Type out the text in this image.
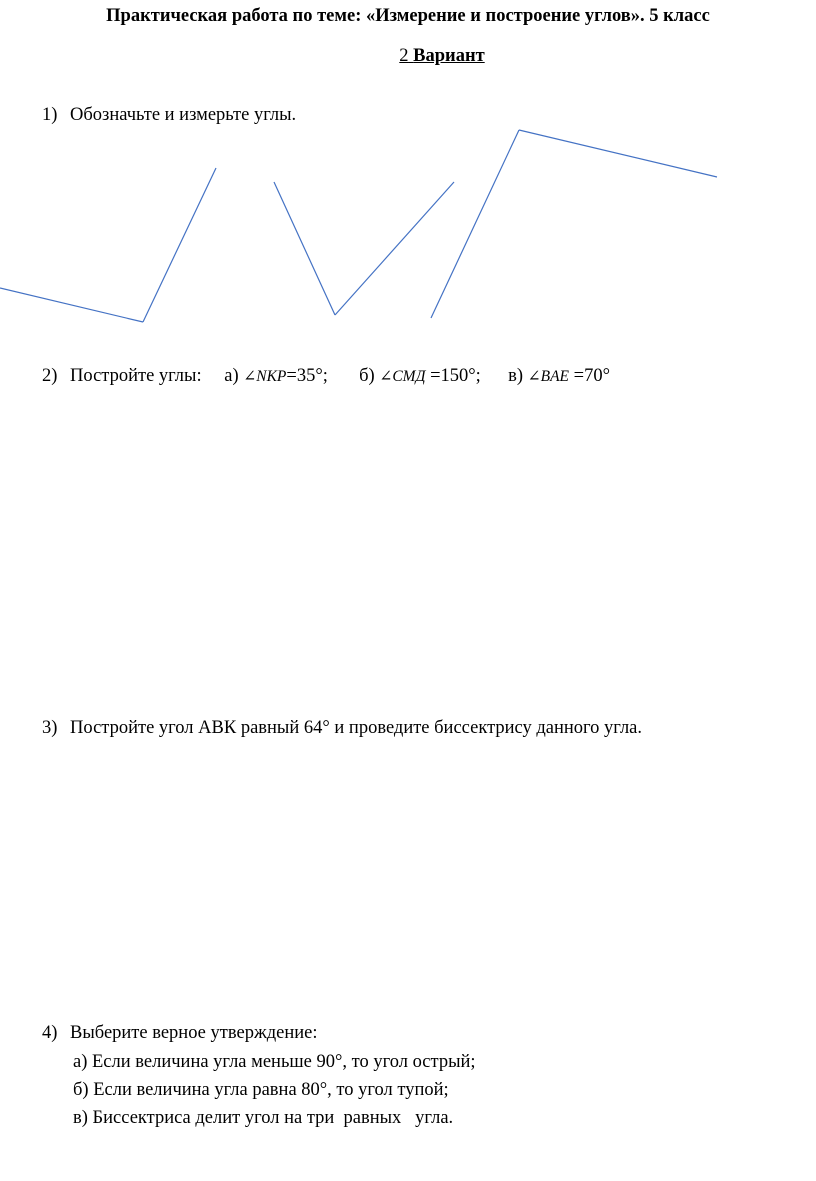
Практическая работа по теме: «Измерение и построение углов». 5 класс
2 Вариант
1) Обозначьте и измерьте углы.
2) Постройте углы: а) ∠NKP=35°; б) ∠СМД =150°; в) ∠BAE =70°
3) Постройте угол АВК равный 64° и проведите биссектрису данного угла.
4) Выберите верное утверждение:
а) Если величина угла меньше 90°, то угол острый;
б) Если величина угла равна 80°, то угол тупой;
в) Биссектриса делит угол на три  равных   угла.
